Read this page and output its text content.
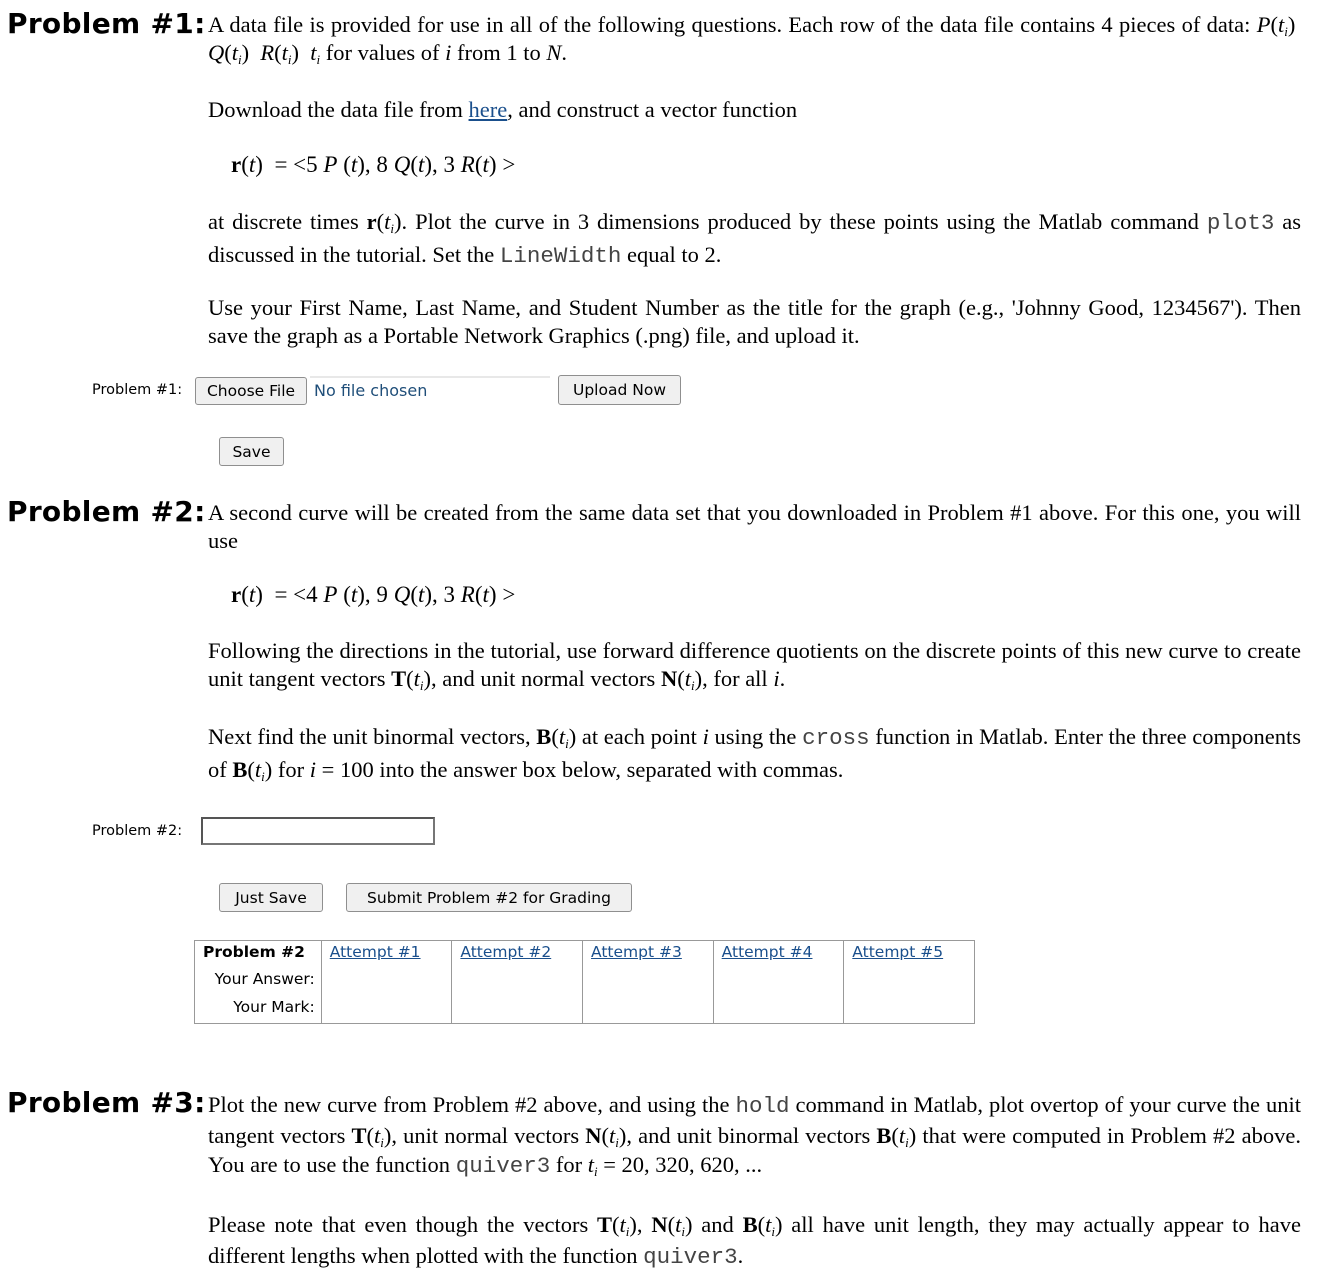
Problem #1: A data file is provided for use in all of the following questions. Each row of the data file contains 4 pieces of data: $P(t_i)$  $Q(t_i)$  $R(t_i)$  $t_i$ for values of i from 1 to N.
Download the data file from here, and construct a vector function
r(t)  = <5 P (t), 8 Q(t), 3 R(t) >
at discrete times $r(t_i)$. Plot the curve in 3 dimensions produced by these points using the Matlab command plot3 as discussed in the tutorial. Set the LineWidth equal to 2.
Use your First Name, Last Name, and Student Number as the title for the graph (e.g., 'Johnny Good, 1234567'). Then save the graph as a Portable Network Graphics (.png) file, and upload it.
Problem #1:	Choose File	No file chosen	Upload Now
Save
Problem #2: A second curve will be created from the same data set that you downloaded in Problem #1 above. For this one, you will use
r(t)  = <4 P (t), 9 Q(t), 3 R(t) >
Following the directions in the tutorial, use forward difference quotients on the discrete points of this new curve to create unit tangent vectors $T(t_i)$, and unit normal vectors $N(t_i)$, for all i.
Next find the unit binormal vectors, $B(t_i)$ at each point i using the cross function in Matlab. Enter the three components of $B(t_i)$ for i = 100 into the answer box below, separated with commas.
Problem #2:
Just Save	Submit Problem #2 for Grading
Problem #2	Attempt #1	Attempt #2	Attempt #3	Attempt #4	Attempt #5
Your Answer:
Your Mark:
Problem #3: Plot the new curve from Problem #2 above, and using the hold command in Matlab, plot overtop of your curve the unit tangent vectors $T(t_i)$, unit normal vectors $N(t_i)$, and unit binormal vectors $B(t_i)$ that were computed in Problem #2 above. You are to use the function quiver3 for $t_i = 20$, 320, 620, ...
Please note that even though the vectors $T(t_i)$, $N(t_i)$ and $B(t_i)$ all have unit length, they may actually appear to have different lengths when plotted with the function quiver3.
